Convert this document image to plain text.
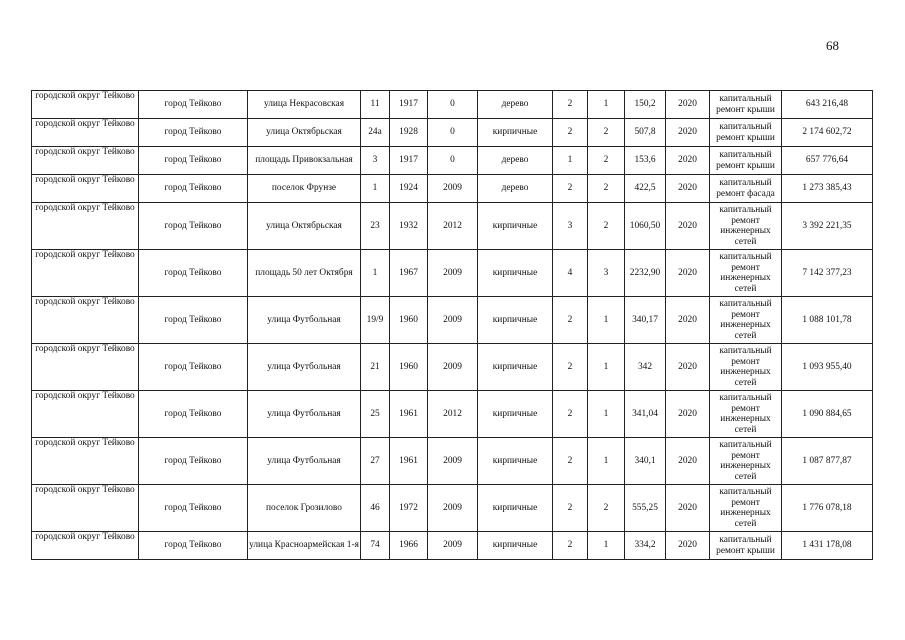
68
городской округ Тейково	город Тейково	улица Некрасовская	11	1917	0	дерево	2	1	150,2	2020	капитальный ремонт крыши	643 216,48
городской округ Тейково	город Тейково	улица Октябрьская	24а	1928	0	кирпичные	2	2	507,8	2020	капитальный ремонт крыши	2 174 602,72
городской округ Тейково	город Тейково	площадь Привокзальная	3	1917	0	дерево	1	2	153,6	2020	капитальный ремонт крыши	657 776,64
городской округ Тейково	город Тейково	поселок Фрунзе	1	1924	2009	дерево	2	2	422,5	2020	капитальный ремонт фасада	1 273 385,43
городской округ Тейково	город Тейково	улица Октябрьская	23	1932	2012	кирпичные	3	2	1060,50	2020	капитальный ремонт инженерных сетей	3 392 221,35
городской округ Тейково	город Тейково	площадь 50 лет Октября	1	1967	2009	кирпичные	4	3	2232,90	2020	капитальный ремонт инженерных сетей	7 142 377,23
городской округ Тейково	город Тейково	улица Футбольная	19/9	1960	2009	кирпичные	2	1	340,17	2020	капитальный ремонт инженерных сетей	1 088 101,78
городской округ Тейково	город Тейково	улица Футбольная	21	1960	2009	кирпичные	2	1	342	2020	капитальный ремонт инженерных сетей	1 093 955,40
городской округ Тейково	город Тейково	улица Футбольная	25	1961	2012	кирпичные	2	1	341,04	2020	капитальный ремонт инженерных сетей	1 090 884,65
городской округ Тейково	город Тейково	улица Футбольная	27	1961	2009	кирпичные	2	1	340,1	2020	капитальный ремонт инженерных сетей	1 087 877,87
городской округ Тейково	город Тейково	поселок Грозилово	46	1972	2009	кирпичные	2	2	555,25	2020	капитальный ремонт инженерных сетей	1 776 078,18
городской округ Тейково	город Тейково	улица Красноармейская 1-я	74	1966	2009	кирпичные	2	1	334,2	2020	капитальный ремонт крыши	1 431 178,08
